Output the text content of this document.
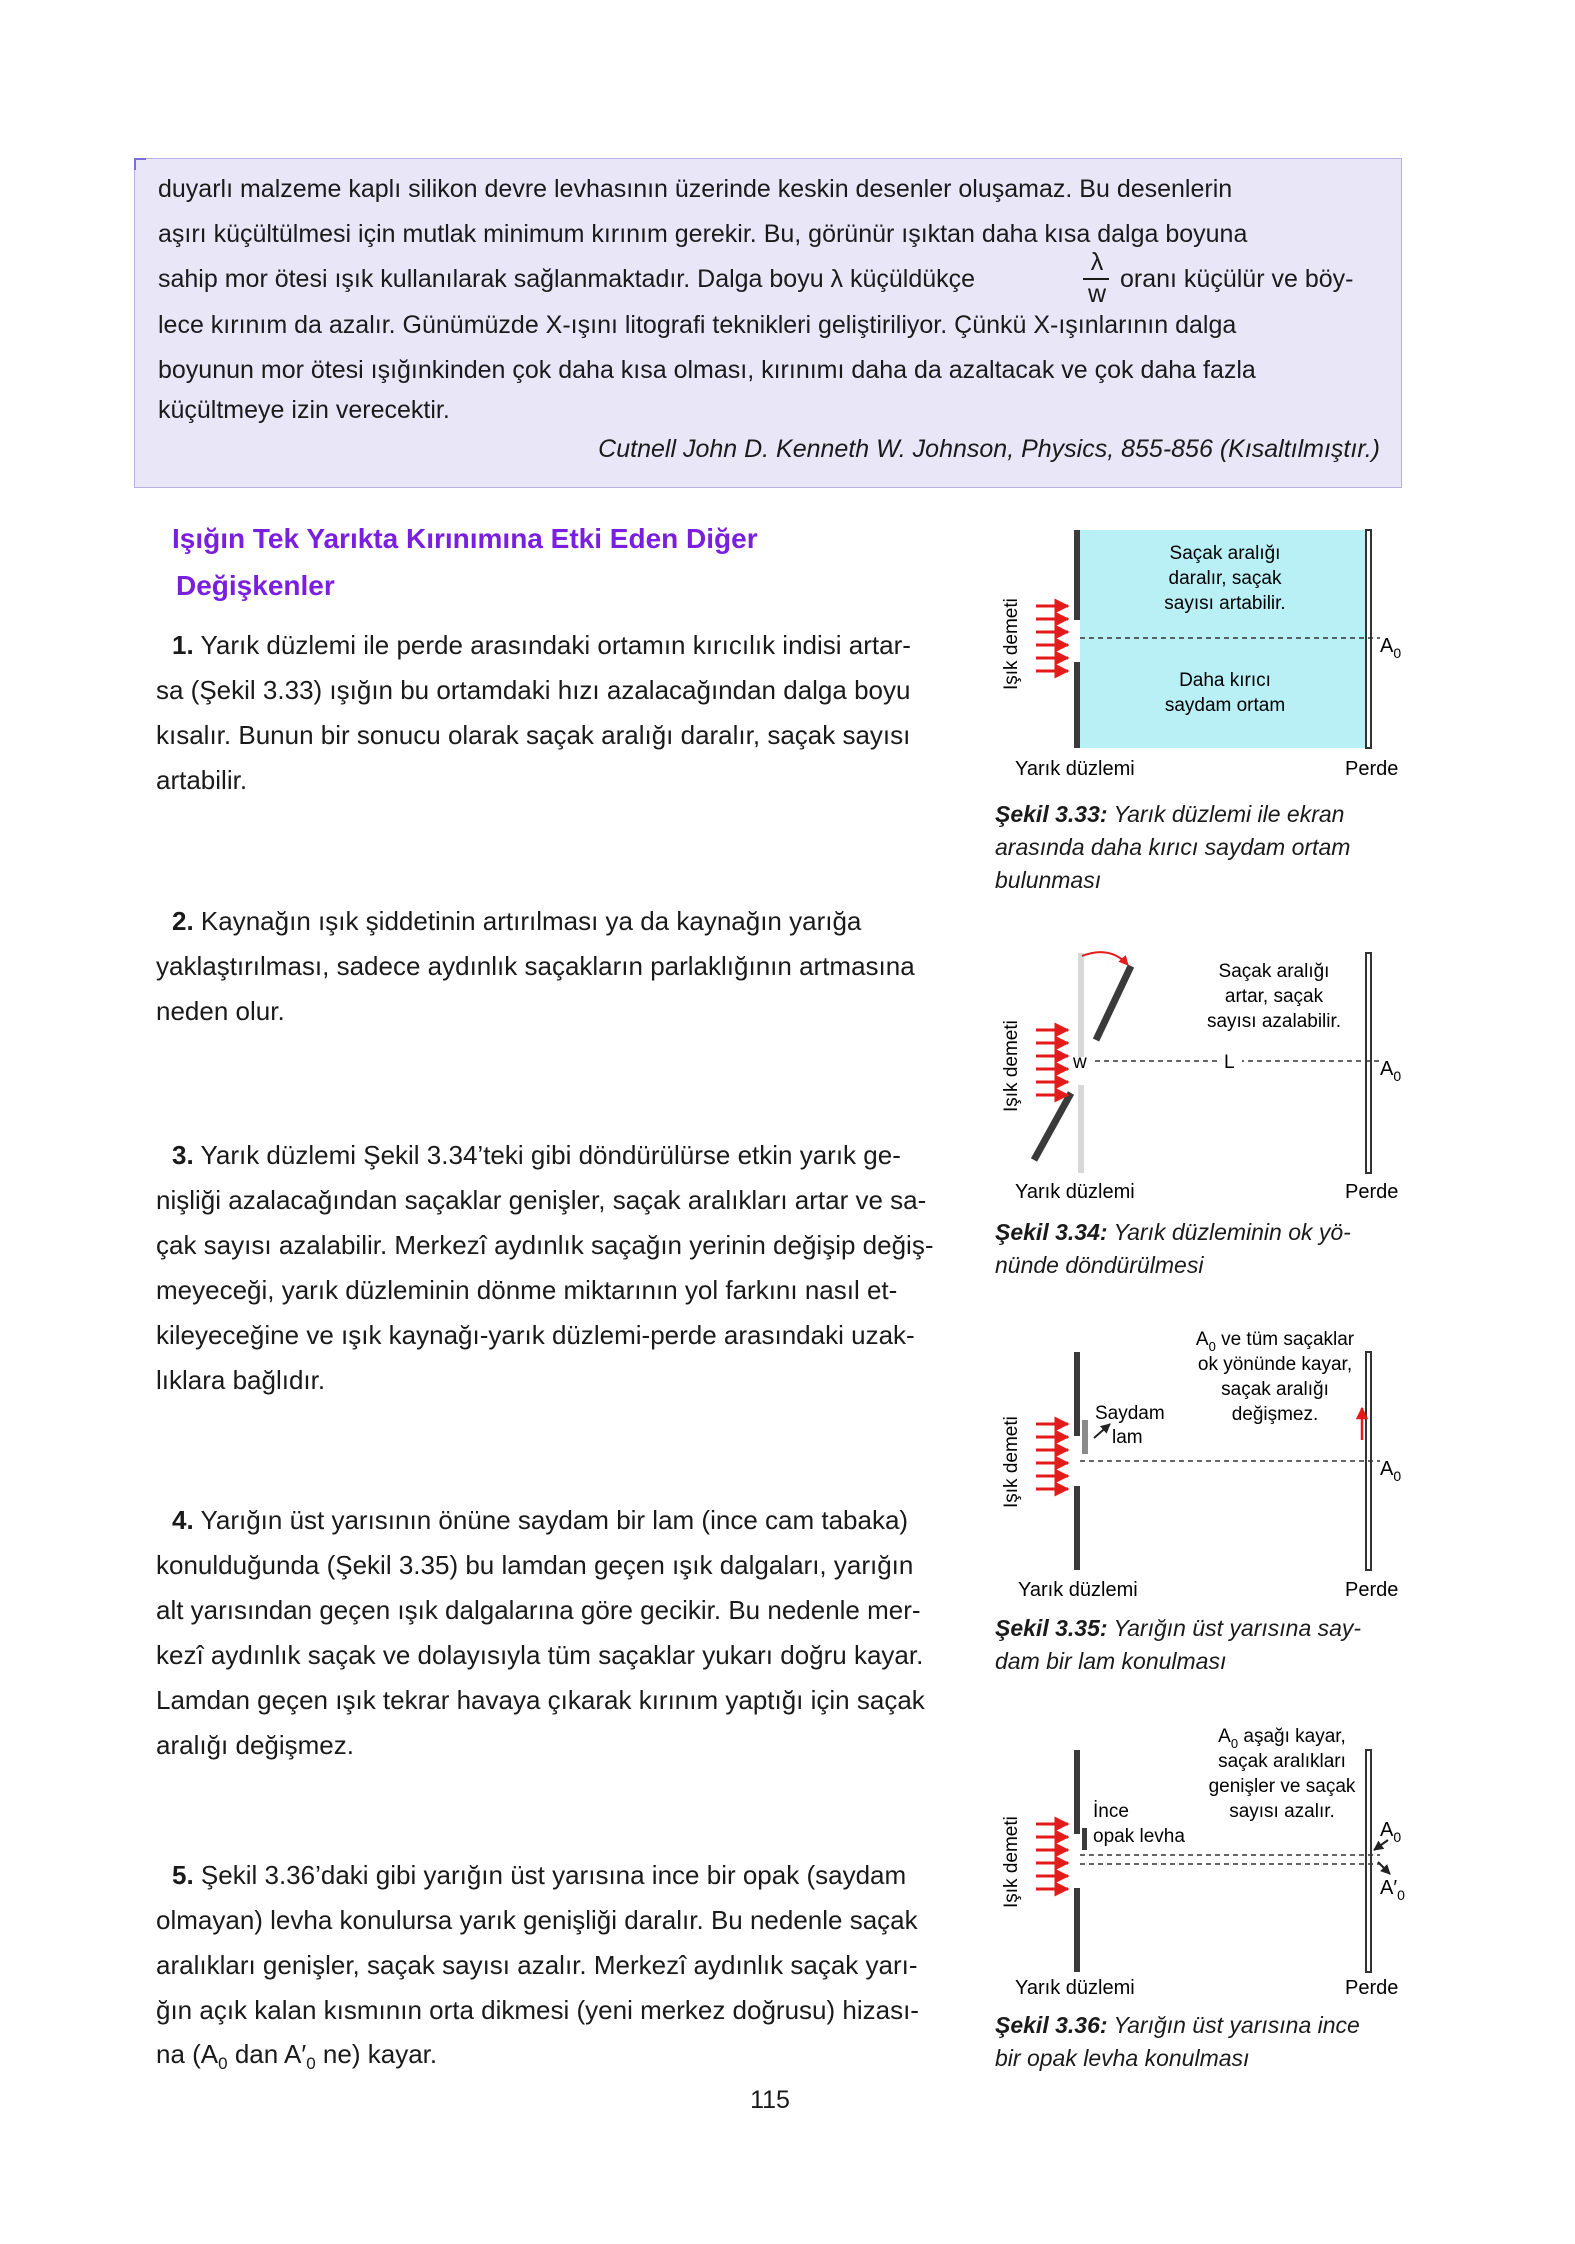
duyarlı malzeme kaplı silikon devre levhasının üzerinde keskin desenler oluşamaz. Bu desenlerin
aşırı küçültülmesi için mutlak minimum kırınım gerekir. Bu, görünür ışıktan daha kısa dalga boyuna
sahip mor ötesi ışık kullanılarak sağlanmaktadır. Dalga boyu λ küçüldükçe
λ
w
oranı küçülür ve böy-
lece kırınım da azalır. Günümüzde X-ışını litografi teknikleri geliştiriliyor. Çünkü X-ışınlarının dalga
boyunun mor ötesi ışığınkinden çok daha kısa olması, kırınımı daha da azaltacak ve çok daha fazla
küçültmeye izin verecektir.
Cutnell John D. Kenneth W. Johnson, Physics, 855-856 (Kısaltılmıştır.)
Işığın Tek Yarıkta Kırınımına Etki Eden Diğer
Değişkenler
1. Yarık düzlemi ile perde arasındaki ortamın kırıcılık indisi artar-
sa (Şekil 3.33) ışığın bu ortamdaki hızı azalacağından dalga boyu
kısalır. Bunun bir sonucu olarak saçak aralığı daralır, saçak sayısı
artabilir.
2. Kaynağın ışık şiddetinin artırılması ya da kaynağın yarığa
yaklaştırılması, sadece aydınlık saçakların parlaklığının artmasına
neden olur.
3. Yarık düzlemi Şekil 3.34’teki gibi döndürülürse etkin yarık ge-
nişliği azalacağından saçaklar genişler, saçak aralıkları artar ve sa-
çak sayısı azalabilir. Merkezî aydınlık saçağın yerinin değişip değiş-
meyeceği, yarık düzleminin dönme miktarının yol farkını nasıl et-
kileyeceğine ve ışık kaynağı-yarık düzlemi-perde arasındaki uzak-
lıklara bağlıdır.
4. Yarığın üst yarısının önüne saydam bir lam (ince cam tabaka)
konulduğunda (Şekil 3.35) bu lamdan geçen ışık dalgaları, yarığın
alt yarısından geçen ışık dalgalarına göre gecikir. Bu nedenle mer-
kezî aydınlık saçak ve dolayısıyla tüm saçaklar yukarı doğru kayar.
Lamdan geçen ışık tekrar havaya çıkarak kırınım yaptığı için saçak
aralığı değişmez.
5. Şekil 3.36’daki gibi yarığın üst yarısına ince bir opak (saydam
olmayan) levha konulursa yarık genişliği daralır. Bu nedenle saçak
aralıkları genişler, saçak sayısı azalır. Merkezî aydınlık saçak yarı-
ğın açık kalan kısmının orta dikmesi (yeni merkez doğrusu) hizası-
na ($A_0$ dan $A'_0$ ne) kayar.
115
Işık demeti
Saçak aralığı
daralır, saçak
sayısı artabilir.
Daha kırıcı
saydam ortam
$A_0$
Yarık düzlemi	Perde
Işık demeti	w	L
Saçak aralığı
artar, saçak
sayısı azalabilir.
$A_0$
Yarık düzlemi	Perde
Işık demeti
Saydam
lam
$A_0$ ve tüm saçaklar
ok yönünde kayar,
saçak aralığı
değişmez.
$A_0$
Yarık düzlemi	Perde
Işık demeti
İnce
opak levha
$A_0$ aşağı kayar,
saçak aralıkları
genişler ve saçak
sayısı azalır.
$A_0$
$A'_0$
Yarık düzlemi	Perde
Şekil 3.33: Yarık düzlemi ile ekran
arasında daha kırıcı saydam ortam
bulunması
Şekil 3.34: Yarık düzleminin ok yö-
nünde döndürülmesi
Şekil 3.35: Yarığın üst yarısına say-
dam bir lam konulması
Şekil 3.36: Yarığın üst yarısına ince
bir opak levha konulması
